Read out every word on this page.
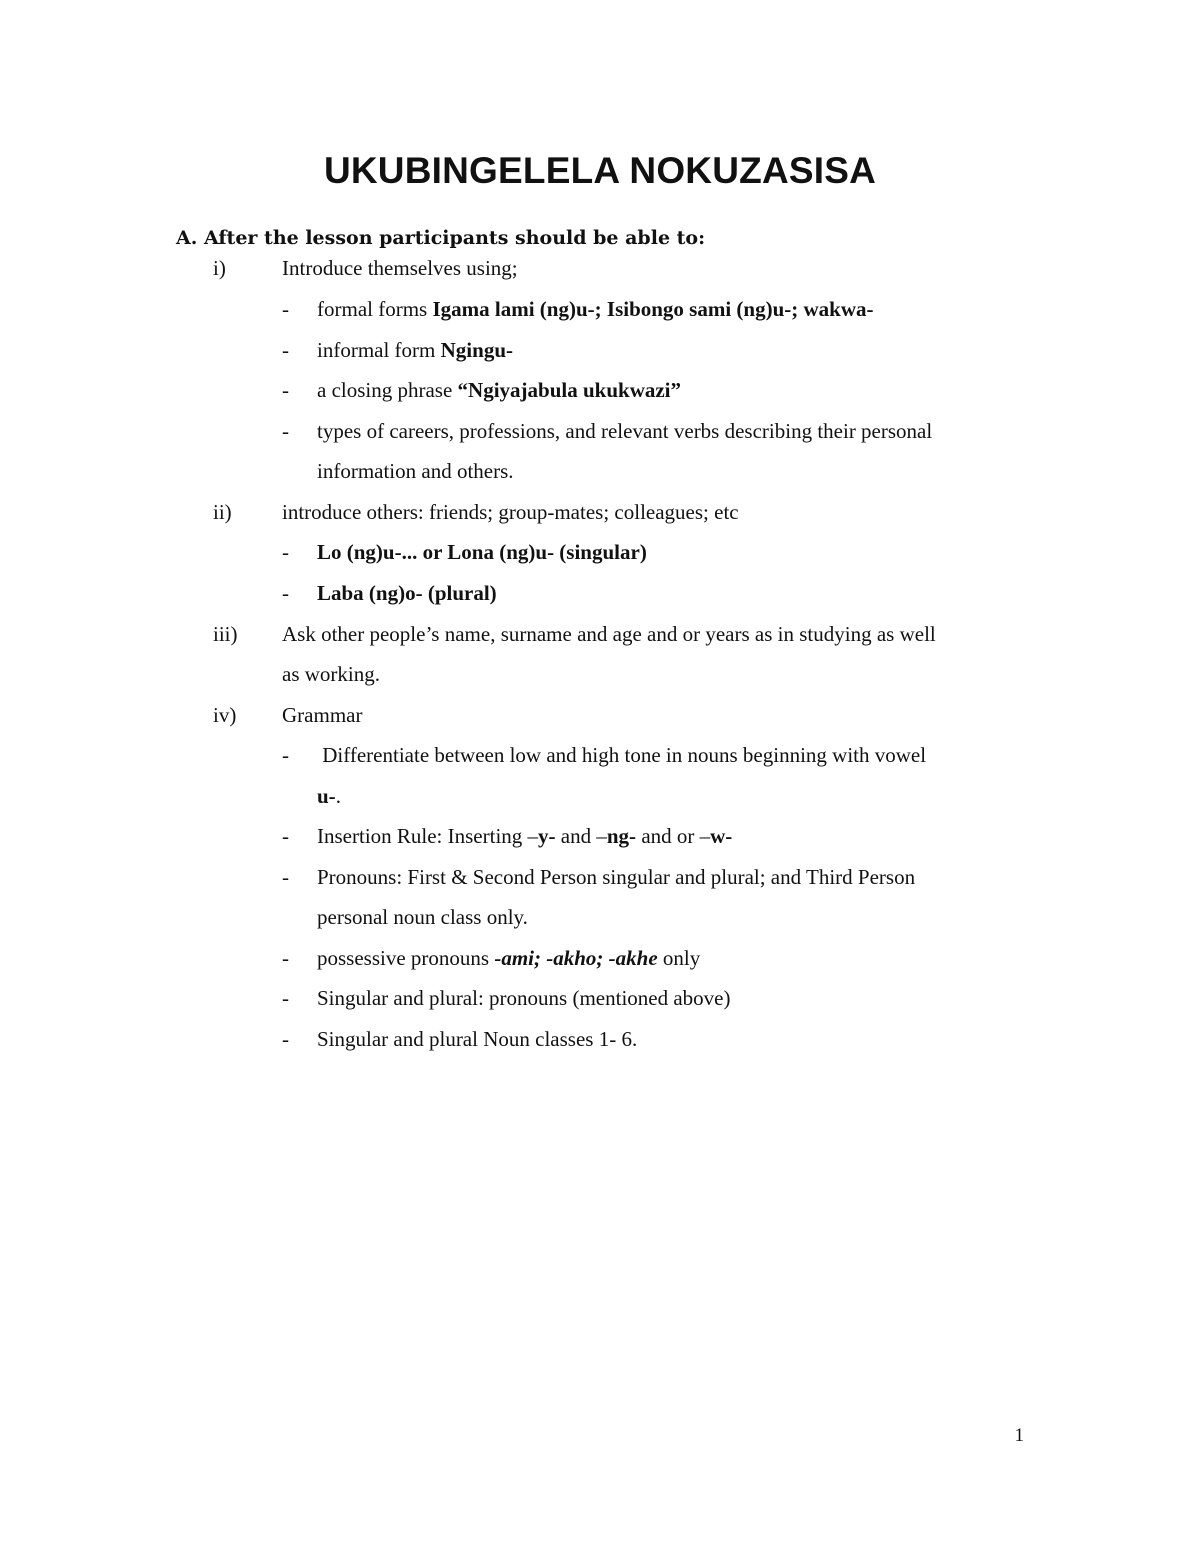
UKUBINGELELA NOKUZASISA
A. After the lesson participants should be able to:
i)	Introduce themselves using;
- formal forms Igama lami (ng)u-; Isibongo sami (ng)u-; wakwa-
- informal form Ngingu-
- a closing phrase “Ngiyajabula ukukwazi”
- types of careers, professions, and relevant verbs describing their personal
information and others.
ii) introduce others: friends; group-mates; colleagues; etc
- Lo (ng)u-... or Lona (ng)u- (singular)
- Laba (ng)o- (plural)
iii) Ask other people’s name, surname and age and or years as in studying as well
as working.
iv) Grammar
- Differentiate between low and high tone in nouns beginning with vowel
u-.
- Insertion Rule: Inserting –y- and –ng- and or –w-
- Pronouns: First & Second Person singular and plural; and Third Person
personal noun class only.
- possessive pronouns -ami; -akho; -akhe only
- Singular and plural: pronouns (mentioned above)
- Singular and plural Noun classes 1- 6.
1
